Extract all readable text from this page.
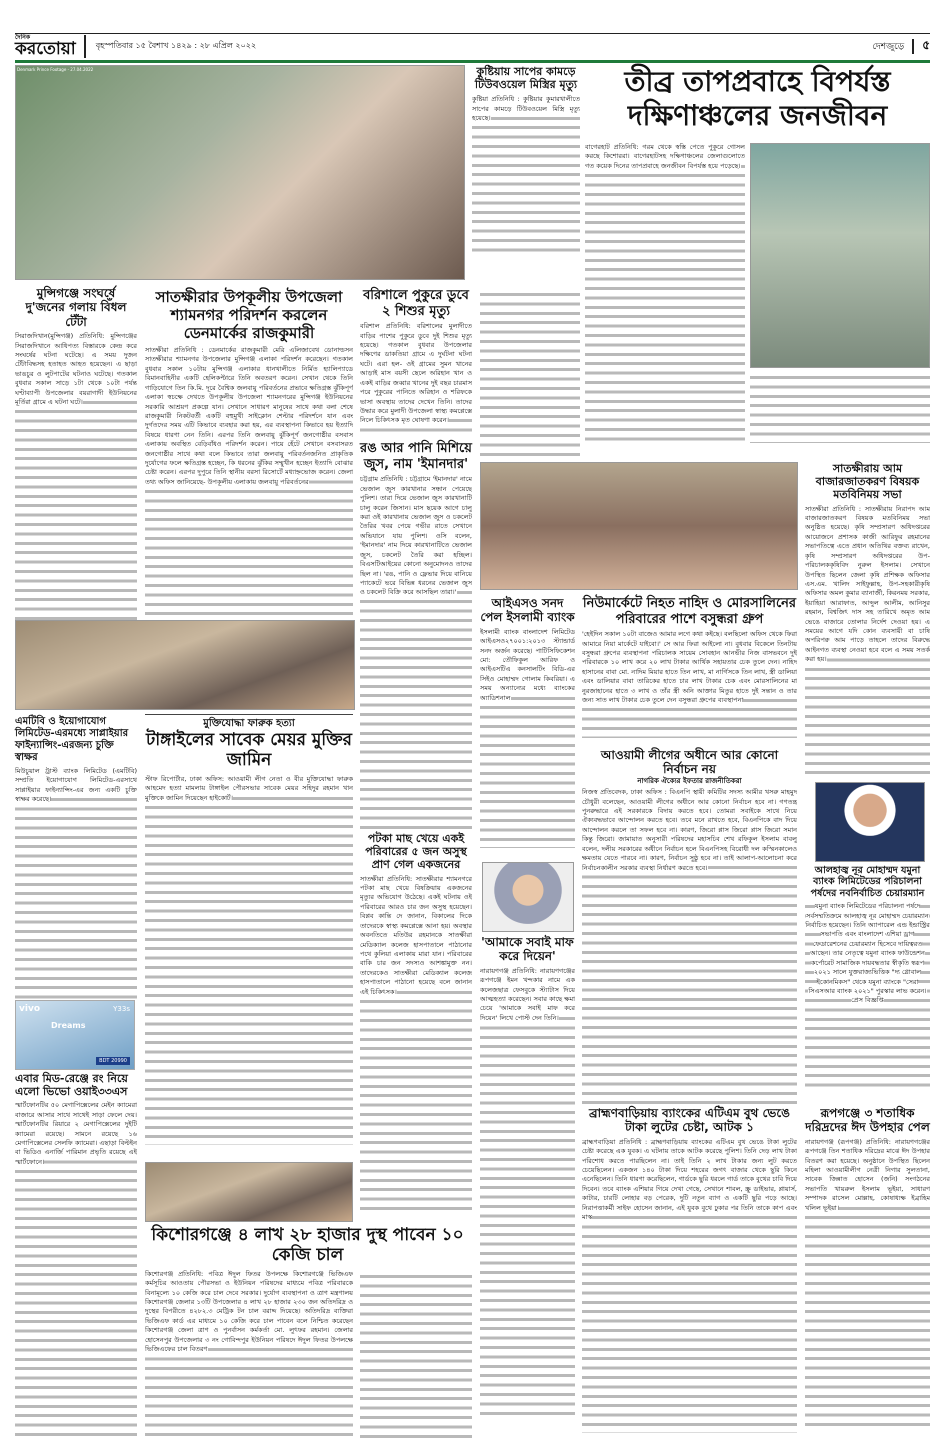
দৈনিক
করতোয়া	বৃহস্পতিবার ১৫ বৈশাখ ১৪২৯ : ২৮ এপ্রিল ২০২২	দেশজুড়ে	৫
Denmark Prince Footage - 27.04.2022	কুষ্টিয়ায় সাপের কামড়ে টিউবওয়েল মিস্ত্রির মৃত্যু
কুষ্টিয়া প্রতিনিধি : কুষ্টিয়ার কুমারখালীতে সাপের কামড়ে টিউবওয়েল মিস্ত্রি মৃত্যু হয়েছে।
তীব্র তাপপ্রবাহে বিপর্যস্ত দক্ষিণাঞ্চলের জনজীবন
বাগেরহাট প্রতিনিধি: গরম থেকে স্বস্তি পেতে পুকুরে গোসল করছে কিশোররা। বাগেরহাটসহ দক্ষিণাঞ্চলের জেলাগুলোতে গত কয়েক দিনের তাপপ্রবাহে জনজীবন বিপর্যস্ত হয়ে পড়েছে।
মুন্সিগঞ্জে সংঘর্ষে দু'জনের গলায় বিঁধল টেঁটা
সিরাজদিখান(মুন্সিগঞ্জ) প্রতিনিধি: মুন্সিগঞ্জের সিরাজদিখানে আধিপত্য বিস্তারকে কেন্দ্র করে সংঘর্ষের ঘটনা ঘটেছে। এ সময় দুজন টেঁটাবিদ্ধসহ হতাহত আহত হয়েছেন। এ ছাড়া ভাঙচুর ও লুটপাটের ঘটনাও ঘটেছে। গতকাল বুধবার সকাল সাড়ে ১টা থেকে ১০টা পর্যন্ত ঘণ্টাব্যাপী উপজেলার বয়রাগাদী ইউনিয়নের মূর্তিরা গ্রামে এ ঘটনা ঘটে।
সাতক্ষীরার উপকূলীয় উপজেলা শ্যামনগর পরিদর্শন করলেন ডেনমার্কের রাজকুমারী
সাতক্ষীরা প্রতিনিধি : ডেনমার্কের রাজকুমারী মেরি এলিজাবেথ ডোনাল্ডসন সাতক্ষীরার শ্যামনগর উপজেলার মুন্সিগঞ্জ এলাকা পরিদর্শন করেছেন। গতকাল বুধবার সকাল ১০টায় মুন্সিগঞ্জ এলাকার ধানখালীতে নির্মিত হ্যালিপ্যাডে বিমানবাহিনীর একটি হেলিকপ্টারে তিনি অবতরণ করেন। সেখান থেকে তিনি গাড়িযোগে তিন কি.মি. দূরে বৈশ্বিক জলবায়ু পরিবর্তনের প্রভাবে ক্ষতিগ্রস্ত ঝুঁকিপূর্ণ এলাকা স্বচক্ষে দেখতে উপকূলীয় উপজেলা শ্যামনগরের মুন্সিগঞ্জ ইউনিয়নের সরকারি আশ্রয়ণ প্রকল্পে যান। সেখানে সাধারণ মানুষের সাথে কথা বলা শেষে রাজকুমারী নিকটবর্তী একটি বহুমুখী সাইক্লোন শেল্টার পরিদর্শনে যান এবং দুর্গতদের সময় এটি কিভাবে ব্যবহার করা হয়, এর ব্যবস্থাপনা কিভাবে হয় ইত্যাদি বিষয়ে ধারণা নেন তিনি। এরপর তিনি জলবায়ু ঝুঁকিপূর্ণ জনগোষ্ঠীর বসবাস এলাকায় অবস্থিত বেড়িবাঁধও পরিদর্শন করেন। পায়ে হেঁটে সেখানে বসবাসরত জনগোষ্ঠীর সাথে কথা বলে কিভাবে তারা জলবায়ু পরিবর্তনজনিত প্রাকৃতিক দুর্যোগের ফলে ক্ষতিগ্রস্ত হচ্ছেন, কি ধরনের ঝুঁকির সম্মুখীন হচ্ছেন ইত্যাদি বোঝার চেষ্টা করেন। এরপর দুপুরে তিনি স্থানীয় বরসা রিসোর্টে মধ্যাহ্নভোজ করেন। জেলা তথ্য অফিস জানিয়েছে- উপকূলীয় এলাকায় জলবায়ু পরিবর্তনের
বরিশালে পুকুরে ডুবে ২ শিশুর মৃত্যু
বরিশাল প্রতিনিধি: বরিশালের মুলাদীতে বাড়ির পাশের পুকুরে ডুবে দুই শিশুর মৃত্যু হয়েছে। গতকাল বুধবার উপজেলার দক্ষিণের ডাকতিয়া গ্রামে এ দুর্ঘটনা ঘটনা ঘটে। এরা হল- ওই গ্রামের সুমন খানের আড়াই মাস বয়সী ছেলে অরিহান খান ও একই বাড়ির জব্বার খানের দুই বছর চারমাস পরে পুকুরের পানিতে অরিহান ও শরিফকে ভাসা অবস্থায় তাদের দেখেন তিনি। তাদের উদ্ধার করে মুলাদী উপজেলা স্বাস্থ্য কমপ্লেক্সে নিলে চিকিৎসক মৃত ঘোষণা করেন।
রঙ আর পানি মিশিয়ে জুস, নাম 'ইমানদার'
চট্টগ্রাম প্রতিনিধি : চট্টগ্রামে 'ইমানদার' নামে ভেজাল জুস কারখানার সন্ধান পেয়েছে পুলিশ। তারা দিয়ে ভেজাল জুস কারখানাটি চালু করেন জিসান। মাস ছয়েক আগে চালু করা ওই কারখানায় ভেজাল জুস ও চকলেট তৈরির খবর পেয়ে গভীর রাতে সেখানে অভিযানে যায় পুলিশ। ওসি বলেন, 'ইমানদার' নাম দিয়ে কারখানাটিতে ভেজাল জুস, চকলেট তৈরি করা হচ্ছিল। বিএসটিআইয়ের কোনো অনুমোদনও তাদের ছিল না। 'রঙ, পানি ও ফ্লেভার দিয়ে বানিয়ে প্যাকেটে ভরে বিভিন্ন ধরনের ভেজাল জুস ও চকলেট বিক্রি করে আসছিল তারা।'
আইএসও সনদ পেল ইসলামী ব্যাংক
ইসলামী ব্যাংক বাংলাদেশ লিমিটেড আইএসও২৭০০১:২০১৩ স্ট্যান্ডার্ড সনদ অর্জন করেছে। পাটিসিফিকেশন মো: তৌফিকুল আরিফ ও আইএসটিএ কনসালটিং বিডি-এর সিইও মোহাম্মদ গোলাম কিবরিয়া। এ সময় অন্যান্যের মধ্যে ব্যাংকের অ্যাডিশনাল
নিউমার্কেটে নিহত নাহিদ ও মোরসালিনের পরিবারের পাশে বসুন্ধরা গ্রুপ
'হেইদিন সকাল ১০টা বাজেও আমার লগে কথা কইছে। বলছিলো অফিস থেকে ফিরা আমারে নিয়া মার্কেটে যাইবো।' সে আর ফিরা আইলো না। বুধবার বিকেলে তিনটায় বসুন্ধরা গ্রুপের ব্যবস্থাপনা পরিচালক সায়েম সোবহান আনভীর নিজ বাসভবনে দুই পরিবারকে ১০ লাখ করে ২০ লাখ টাকার আর্থিক সহায়তার চেক তুলে দেন। নাহিদ হাসানের বাবা মো. নাদিম মিয়ার হাতে তিন লাখ, মা নার্গিসকে তিন লাখ, স্ত্রী ডালিয়া এবং ডালিয়ার বাবা তারিকের হাতে চার লাখ টাকার চেক এবং মোরসালিনের মা নুরজাহানের হাতে ৩ লাখ ও তাঁর স্ত্রী অনি আক্তার মিতুর হাতে দুই সন্তান ও তার জন্য সাত লাখ টাকার চেক তুলে দেন বসুন্ধরা গ্রুপের ব্যবস্থাপনা
সাতক্ষীরায় আম বাজারজাতকরণ বিষয়ক মতবিনিময় সভা
সাতক্ষীরা প্রতিনিধি : সাতক্ষীরায় নিরাপদ আম বাজারজাতকরণ বিষয়ক মতবিনিময় সভা অনুষ্ঠিত হয়েছে। কৃষি সম্প্রসারণ অধিদপ্তরের আয়োজনে প্রশাসক কাজী আরিফুর রহমানের সভাপতিত্বে এতে প্রধান অতিথির বক্তব্য রাখেন, কৃষি সম্প্রসারণ অধিদপ্তরের উপ-পরিচালককৃষিবিদ নুরুল ইসলাম। সেখানে উপস্থিত ছিলেন জেলা কৃষি প্রশিক্ষক অফিসার এস.এম. খালিদ সাইফুল্লাহ, উপ-সহকারীকৃষি অফিসার অমল কুমার ব্যানার্জী, কিরনময় সরকার, ইয়াহিয়া আরাফাত, আব্দুল আলীম, আনিসুর রহমান, বিশ্বজিৎ দাস সহ তারিখে অমৃত আম ভেঙে বাজারে তোলার নির্দেশ দেওয়া হয়। এ সময়ের আগে যদি কোন ব্যবসায়ী বা চাষি অপরিপক্ব আম পাড়ে তাহলে তাদের বিরুদ্ধে আইনগত ব্যবস্থা নেওয়া হবে বলে এ সময় সতর্ক করা হয়।
এমটিবি ও ইয়োগাযোগ লিমিটেড-এরমধ্যে সাপ্লাইয়ার ফাইন্যান্সিং-এরজন্য চুক্তি স্বাক্ষর
মিউচুয়াল ট্রাস্ট ব্যাংক লিমিটেড (এমটিবি) সম্প্রতি ইয়োগাযোগ লিমিটেড-এরসাথে সাপ্লাইয়ার ফাইন্যান্সিং-এর জন্য একটি চুক্তি স্বাক্ষর করেছে।
মুক্তিযোদ্ধা ফারুক হত্যা
টাঙ্গাইলের সাবেক মেয়র মুক্তির জামিন
স্টাফ রিপোর্টার, ঢাকা অফিস: আওয়ামী লীগ নেতা ও বীর মুক্তিযোদ্ধা ফারুক আহমেদ হত্যা মামলায় টাঙ্গাইল পৌরসভার সাবেক মেয়র সহিদুর রহমান খান মুক্তিকে জামিন দিয়েছেন হাইকোর্ট।
পটকা মাছ খেয়ে একই পরিবারের ৫ জন অসুস্থ প্রাণ গেল একজনের
সাতক্ষীরা প্রতিনিধি: সাতক্ষীরার শ্যামনগরে পটকা মাছ খেয়ে বিষক্রিয়ায় একজনের মৃত্যুর অভিযোগ উঠেছে। একই ঘটনায় ওই পরিবারের আরও চার জন অসুস্থ হয়েছেন। বিপ্লব কান্তি দে জানান, বিকালের দিকে তাদেরকে স্বাস্থ্য কমপ্লেক্সে আনা হয়। অবস্থার অবনতিতে মতিউর রহমানকে সাতক্ষীরা মেডিক্যাল কলেজ হাসপাতালে পাঠানোর পথে কুলিয়া এলাকায় মারা যান। পরিবারের বাকি চার জন সদস্যও আশঙ্কামুক্ত নন। তাদেরকেও সাতক্ষীরা মেডিক্যাল কলেজ হাসপাতালে পাঠানো হয়েছে বলে জানান এই চিকিৎসক।
আওয়ামী লীগের অধীনে আর কোনো নির্বাচন নয়
নাগরিক ঐক্যের ইফতার রাজনীতিকরা
নিজস্ব প্রতিবেদক, ঢাকা অফিস : বিএনপি স্থায়ী কমিটির সদস্য আমীর খসরু মাহমুদ চৌধুরী বলেছেন, আওয়ামী লীগের অধীনে আর কোনো নির্বাচন হবে না। গণতন্ত্র পুনরুদ্ধারে এই সরকারকে বিদায় করতে হবে। তোমরা সবাইকে সাথে নিয়ে ঐক্যবদ্ধভাবে আন্দোলন করতে হবে। তবে মনে রাখতে হবে, বিএনপিকে বাদ দিয়ে আন্দোলন করলে তা সফল হবে না। কারণ, জিরো প্লাস জিরো প্লাস জিরো সমান কিন্তু জিরো। জামায়াত অনুসারী পরিষদের মহাসচিব শেখ রফিকুল ইসলাম বাবলু বলেন, দলীয় সরকারের অধীনে নির্বাচন হলে বিএনপিসহ বিরোধী দল কস্মিনকালেও ক্ষমতায় যেতে পারবে না। কারণ, নির্বাচন সুষ্ঠু হবে না। তাই আলাপ-আলোচনা করে নির্বাচনকালীন সরকার ব্যবস্থা নির্ধারণ করতে হবে।	আলহাজ্ব নূর মোহাম্মদ যমুনা ব্যাংক লিমিটেডের পরিচালনা পর্ষদের নবনির্বাচিত চেয়ারম্যান
যমুনা ব্যাংক লিমিটেডের পরিচালনা পর্ষদে সর্বসম্মতিক্রমে আলহাজ্ব নূর মোহাম্মদ চেয়ারম্যান নির্বাচিত হয়েছেন। তিনি অ্যাপারেল এন্ড ইন্ডাস্ট্রির সভাপতি এবং বাংলাদেশ এশিয়া ড্রাগ ফেডারেশনের চেয়ারম্যান হিসেবে দায়িত্বরত আছেন। তার নেতৃত্বে যমুনা ব্যাংক ফাউন্ডেশন কর্পোরেট সামাজিক দায়বদ্ধতার স্বীকৃতি স্বরূপ ২০২১ সালে যুক্তরাজ্যভিত্তিক "দ্য গ্লোবাল ইকোনমিকস" থেকে যমুনা ব্যাংকে "সেরা সিএসআর ব্যাংক ২০২১" পুরস্কার লাভ করেন। প্রেস বিজ্ঞপ্তি
'আমাকে সবাই মাফ করে দিয়েন'
নারায়ণগঞ্জ প্রতিনিধি: নারায়ণগঞ্জের রূপগঞ্জে ইমন খন্দকার নামে এক কলেজছাত্র ফেসবুকে স্ট্যাটাস দিয়ে আত্মহত্যা করেছেন। সবার কাছে ক্ষমা চেয়ে 'আমাকে সবাই মাফ করে দিয়েন' লিখে পোস্ট দেন তিনি।
vivo	Y33s
Dreams
BDT 20990
এবার মিড-রেঞ্জে রং নিয়ে এলো ভিভো ওয়াই৩৩এস
স্মার্টফোনটির ৫০ মেগাপিক্সেলের মেইন ক্যামেরা বাজারে আসার সাথে সাথেই সাড়া ফেলে দেয়। স্মার্টফোনটির রিয়ারে ২ মেগাপিক্সেলের দুইটি ক্যামেরা রয়েছে। সামনে রয়েছে ১৬ মেগাপিক্সেলের সেলফি ক্যামেরা। এছাড়া বিল্টইন বা ভিডিও এনার্জি পারিমান প্রভৃতি রয়েছে এই স্মার্টফোনে।
কিশোরগঞ্জে ৪ লাখ ২৮ হাজার দুস্থ পাবেন ১০ কেজি চাল
কিশোরগঞ্জ প্রতিনিধি: পবিত্র ঈদুল ফিতর উপলক্ষে কিশোরগঞ্জে ভিজিএফ কর্মসূচির আওতায় পৌরসভা ও ইউনিয়ন পরিষদের মাধ্যমে পবিত্র পরিবারকে বিনামূল্যে ১০ কেজি করে চাল দেবে সরকার। দুর্যোগ ব্যবস্থাপনা ও ত্রাণ মন্ত্রণালয় কিশোরগঞ্জ জেলার ১৩টি উপজেলার ৪ লাখ ২৮ হাজার ২৩০ জন অতিদরিদ্র ও দুস্থের বিপরীতে ৪২৮২.৩ মেট্রিক টন চাল বরাদ্দ দিয়েছে। অতিদরিদ্র ব্যক্তিরা ভিজিএফ কার্ড এর মাধ্যমে ১০ কেজি করে চাল পাবেন বলে নিশ্চিত করেছেন কিশোরগঞ্জ জেলা ত্রাণ ও পুনর্বাসন কর্মকর্তা মো. লুৎফর রহমান। জেলার হোসেনপুর উপজেলার ৩ নং গোবিন্দপুর ইউনিয়ন পরিষদে ঈদুল ফিতর উপলক্ষে ভিজিএফের চাল বিতরণ
ব্রাহ্মণবাড়িয়ায় ব্যাংকের এটিএম বুথ ভেঙে টাকা লুটের চেষ্টা, আটক ১
ব্রাহ্মণবাড়িয়া প্রতিনিধি : ব্রাহ্মণবাড়িয়ায় ব্যাংকের এটিএম বুথ ভেঙে টাকা লুটের চেষ্টা করেছে এক যুবক। এ ঘটনায় তাকে আটক করেছে পুলিশ। তিনি দেড় লাখ টাকা পরিশোধ করতে পারছিলেন না। তাই তিনি ২ লাখ টাকার জন্য লুট করতে চেয়েছিলেন। একজন ১৪০ টাকা দিয়ে শহরের জগৎ বাজার থেকে ছুরি কিনে এনেছিলেন। তিনি ধারণা করেছিলেন, গার্ডকে ছুরি ধরলে গার্ড তাকে বুথের চাবি দিয়ে দিবেন। তবে ব্যাংক এশিয়ার গিয়ে দেখা গেছে, সেখানে শাবল, স্ক্রু ডাইভার, প্লায়ার্স, কাটার, চারটি লোহার বড় পেরেক, দুটি নতুন ব্যাগ ও একটি ছুরি পড়ে আছে। নিরাপত্তাকর্মী সাইফ হোসেন জানান, এই যুবক বুথে ঢুকার পর তিনি তাকে কাপ এবং মাস্ক
রূপগঞ্জে ৩ শতাধিক দরিদ্রদের ঈদ উপহার পেল
নারায়ণগঞ্জ (রূপগঞ্জ) প্রতিনিধি: নারায়ণগঞ্জের রূপগঞ্জে তিন শতাধিক দরিদ্রের মাঝে ঈদ উপহার বিতরণ করা হয়েছে। অনুষ্ঠানে উপস্থিত ছিলেন মহিলা আওয়ামীলীগ নেত্রী নিগার সুলতানা, সাবেক জিন্নাত হোসেন (জনি) সংগঠনের সভাপতি খায়রুল ইসলাম ভূইয়া, সাধারণ সম্পাদক রাসেল মোল্লাহ, কোষাধ্যক্ষ ইব্রাহিম খলিল ভূইয়া।
